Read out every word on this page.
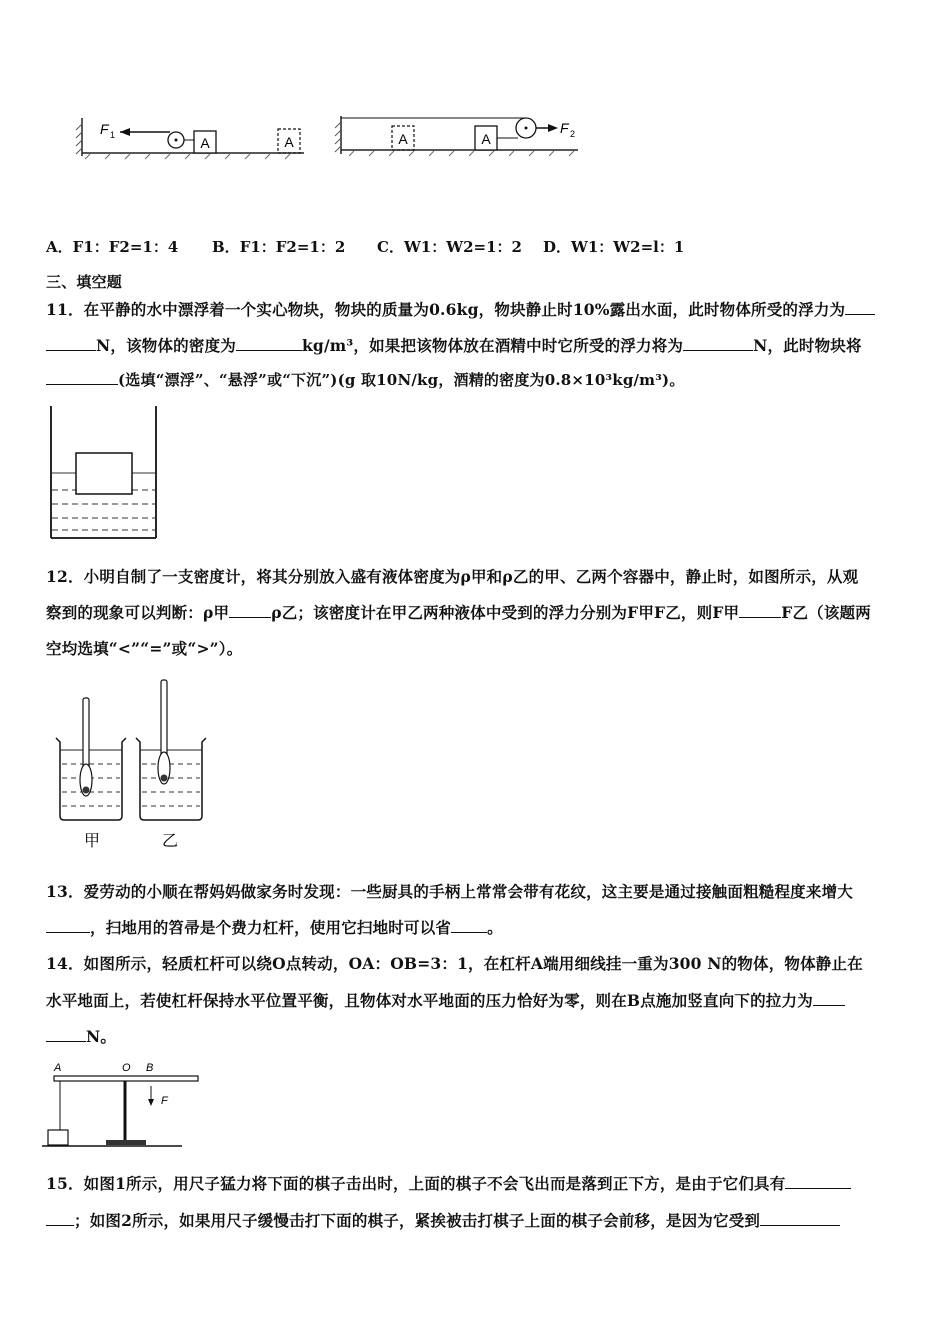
F 1	A	A	A	A
F 2
A．F1：F2=1：4 B．F1：F2=1：2 C．W1：W2=1：2 D．W1：W2=l：1
三、填空题
11．在平静的水中漂浮着一个实心物块，物块的质量为0.6kg，物块静止时10%露出水面，此时物体所受的浮力为
N，该物体的密度为	kg/m³，如果把该物体放在酒精中时它所受的浮力将为	N，此时物块将
(选填“漂浮”、“悬浮”或“下沉”)(g 取10N/kg，酒精的密度为0.8×10³kg/m³)。
12．小明自制了一支密度计，将其分别放入盛有液体密度为ρ甲和ρ乙的甲、乙两个容器中，静止时，如图所示，从观
察到的现象可以判断：ρ甲	ρ乙；该密度计在甲乙两种液体中受到的浮力分别为F甲F乙，则F甲	F乙（该题两
空均选填“<”“=”或“>”）。
甲	乙
13．爱劳动的小顺在帮妈妈做家务时发现：一些厨具的手柄上常常会带有花纹，这主要是通过接触面粗糙程度来增大
，扫地用的笤帚是个费力杠杆，使用它扫地时可以省 。
14．如图所示，轻质杠杆可以绕O点转动，OA：OB=3：1，在杠杆A端用细线挂一重为300 N的物体，物体静止在
水平地面上，若使杠杆保持水平位置平衡，且物体对水平地面的压力恰好为零，则在B点施加竖直向下的拉力为
N。
A	O B
F
15．如图1所示，用尺子猛力将下面的棋子击出时，上面的棋子不会飞出而是落到正下方，是由于它们具有
；如图2所示，如果用尺子缓慢击打下面的棋子，紧挨被击打棋子上面的棋子会前移，是因为它受到
